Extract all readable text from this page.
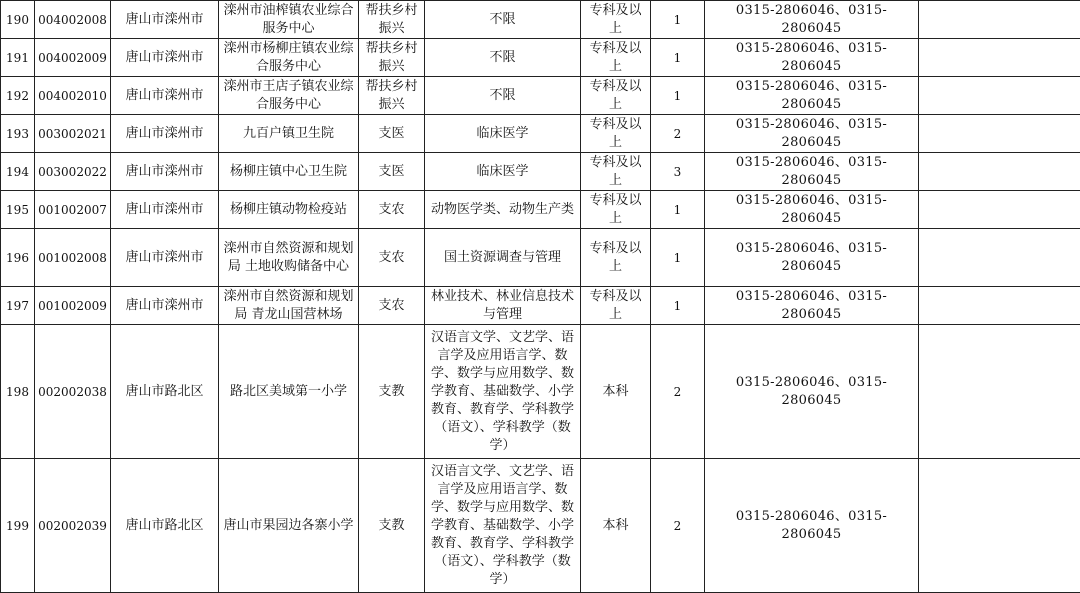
190	004002008	唐山市滦州市	滦州市油榨镇农业综合服务中心	帮扶乡村振兴	不限	专科及以上	1	0315-2806046、0315-2806045	
191	004002009	唐山市滦州市	滦州市杨柳庄镇农业综合服务中心	帮扶乡村振兴	不限	专科及以上	1	0315-2806046、0315-2806045	
192	004002010	唐山市滦州市	滦州市王店子镇农业综合服务中心	帮扶乡村振兴	不限	专科及以上	1	0315-2806046、0315-2806045	
193	003002021	唐山市滦州市	九百户镇卫生院	支医	临床医学	专科及以上	2	0315-2806046、0315-2806045	
194	003002022	唐山市滦州市	杨柳庄镇中心卫生院	支医	临床医学	专科及以上	3	0315-2806046、0315-2806045	
195	001002007	唐山市滦州市	杨柳庄镇动物检疫站	支农	动物医学类、动物生产类	专科及以上	1	0315-2806046、0315-2806045	
196	001002008	唐山市滦州市	滦州市自然资源和规划局 土地收购储备中心	支农	国土资源调查与管理	专科及以上	1	0315-2806046、0315-2806045	
197	001002009	唐山市滦州市	滦州市自然资源和规划局 青龙山国营林场	支农	林业技术、林业信息技术与管理	专科及以上	1	0315-2806046、0315-2806045	
198	002002038	唐山市路北区	路北区美域第一小学	支教	汉语言文学、文艺学、语言学及应用语言学、数学、数学与应用数学、数学教育、基础数学、小学教育、教育学、学科教学（语文）、学科教学（数学）	本科	2	0315-2806046、0315-2806045	
199	002002039	唐山市路北区	唐山市果园边各寨小学	支教	汉语言文学、文艺学、语言学及应用语言学、数学、数学与应用数学、数学教育、基础数学、小学教育、教育学、学科教学（语文）、学科教学（数学）	本科	2	0315-2806046、0315-2806045	
